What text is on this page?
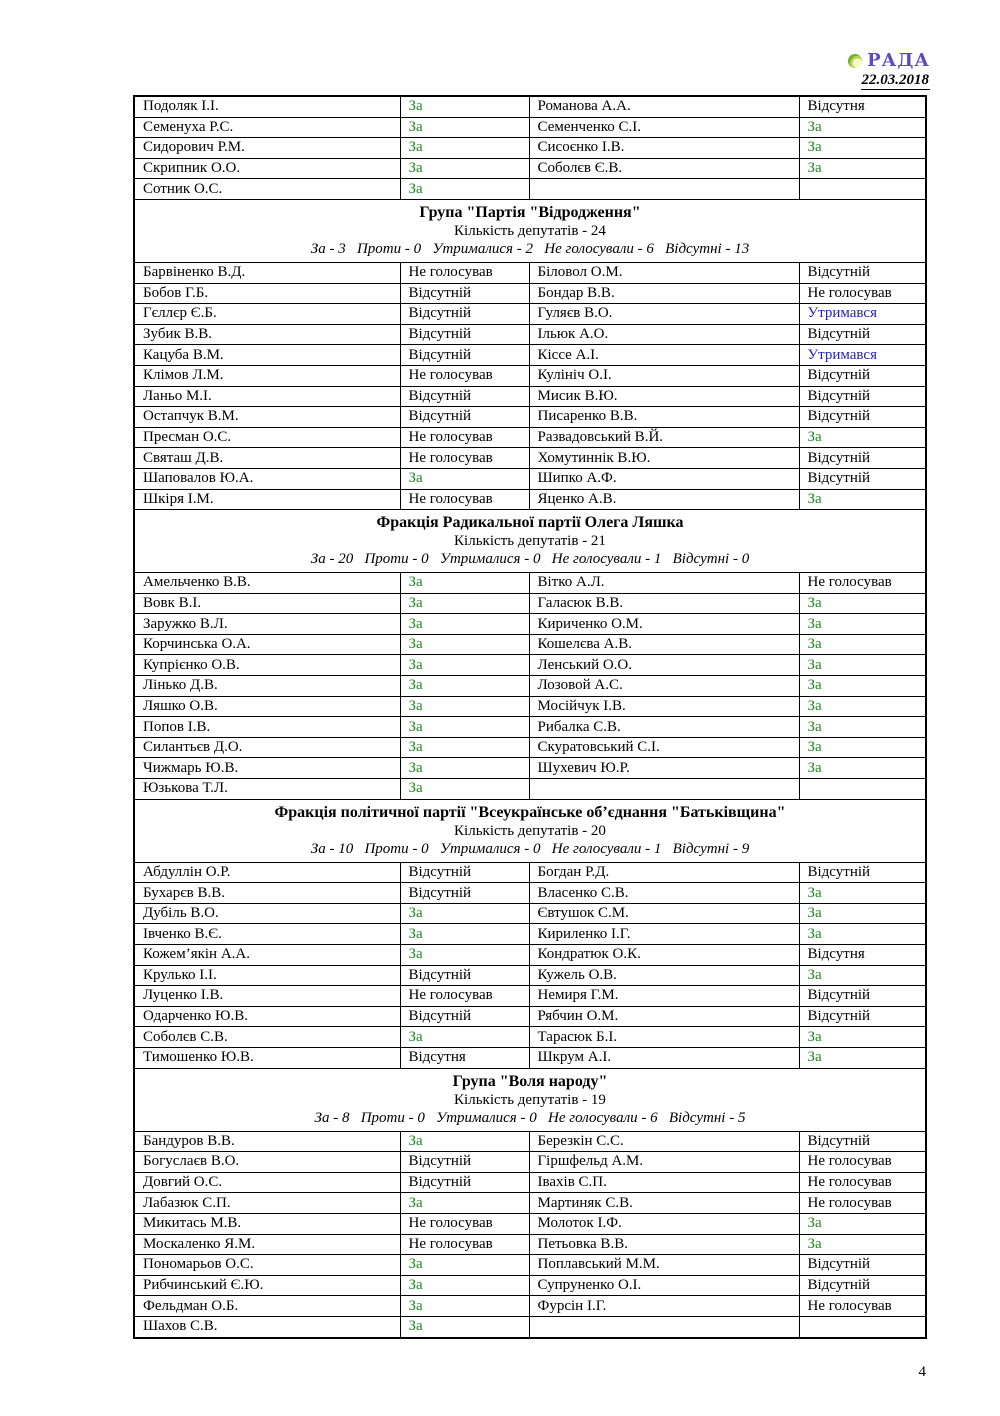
РАДА
22.03.2018
Подоляк І.І.	За	Романова А.А.	Відсутня
Семенуха Р.С.	За	Семенченко С.І.	За
Сидорович Р.М.	За	Сисоєнко І.В.	За
Скрипник О.О.	За	Соболєв Є.В.	За
Сотник О.С.	За		

Група "Партія "Відродження"
Кількість депутатів - 24
За - 3   Проти - 0   Утрималися - 2   Не голосували - 6   Відсутні - 13			

Барвіненко В.Д.	Не голосував	Біловол О.М.	Відсутній
Бобов Г.Б.	Відсутній	Бондар В.В.	Не голосував
Гєллєр Є.Б.	Відсутній	Гуляєв В.О.	Утримався
Зубик В.В.	Відсутній	Ільюк А.О.	Відсутній
Кацуба В.М.	Відсутній	Кіссе А.І.	Утримався
Клімов Л.М.	Не голосував	Кулініч О.І.	Відсутній
Ланьо М.І.	Відсутній	Мисик В.Ю.	Відсутній
Остапчук В.М.	Відсутній	Писаренко В.В.	Відсутній
Пресман О.С.	Не голосував	Развадовський В.Й.	За
Святаш Д.В.	Не голосував	Хомутиннік В.Ю.	Відсутній
Шаповалов Ю.А.	За	Шипко А.Ф.	Відсутній
Шкіря І.М.	Не голосував	Яценко А.В.	За

Фракція Радикальної партії Олега Ляшка
Кількість депутатів - 21
За - 20   Проти - 0   Утрималися - 0   Не голосували - 1   Відсутні - 0			

Амельченко В.В.	За	Вітко А.Л.	Не голосував
Вовк В.І.	За	Галасюк В.В.	За
Заружко В.Л.	За	Кириченко О.М.	За
Корчинська О.А.	За	Кошелєва А.В.	За
Купрієнко О.В.	За	Ленський О.О.	За
Лінько Д.В.	За	Лозовой А.С.	За
Ляшко О.В.	За	Мосійчук І.В.	За
Попов І.В.	За	Рибалка С.В.	За
Силантьєв Д.О.	За	Скуратовський С.І.	За
Чижмарь Ю.В.	За	Шухевич Ю.Р.	За
Юзькова Т.Л.	За		

Фракція політичної партії "Всеукраїнське об’єднання "Батьківщина"
Кількість депутатів - 20
За - 10   Проти - 0   Утрималися - 0   Не голосували - 1   Відсутні - 9			

Абдуллін О.Р.	Відсутній	Богдан Р.Д.	Відсутній
Бухарєв В.В.	Відсутній	Власенко С.В.	За
Дубіль В.О.	За	Євтушок С.М.	За
Івченко В.Є.	За	Кириленко І.Г.	За
Кожем’якін А.А.	За	Кондратюк О.К.	Відсутня
Крулько І.І.	Відсутній	Кужель О.В.	За
Луценко І.В.	Не голосував	Немиря Г.М.	Відсутній
Одарченко Ю.В.	Відсутній	Рябчин О.М.	Відсутній
Соболєв С.В.	За	Тарасюк Б.І.	За
Тимошенко Ю.В.	Відсутня	Шкрум А.І.	За

Група "Воля народу"
Кількість депутатів - 19
За - 8   Проти - 0   Утрималися - 0   Не голосували - 6   Відсутні - 5			

Бандуров В.В.	За	Березкін С.С.	Відсутній
Богуслаєв В.О.	Відсутній	Гіршфельд А.М.	Не голосував
Довгий О.С.	Відсутній	Івахів С.П.	Не голосував
Лабазюк С.П.	За	Мартиняк С.В.	Не голосував
Микитась М.В.	Не голосував	Молоток І.Ф.	За
Москаленко Я.М.	Не голосував	Петьовка В.В.	За
Пономарьов О.С.	За	Поплавський М.М.	Відсутній
Рибчинський Є.Ю.	За	Супруненко О.І.	Відсутній
Фельдман О.Б.	За	Фурсін І.Г.	Не голосував
Шахов С.В.	За		
4
